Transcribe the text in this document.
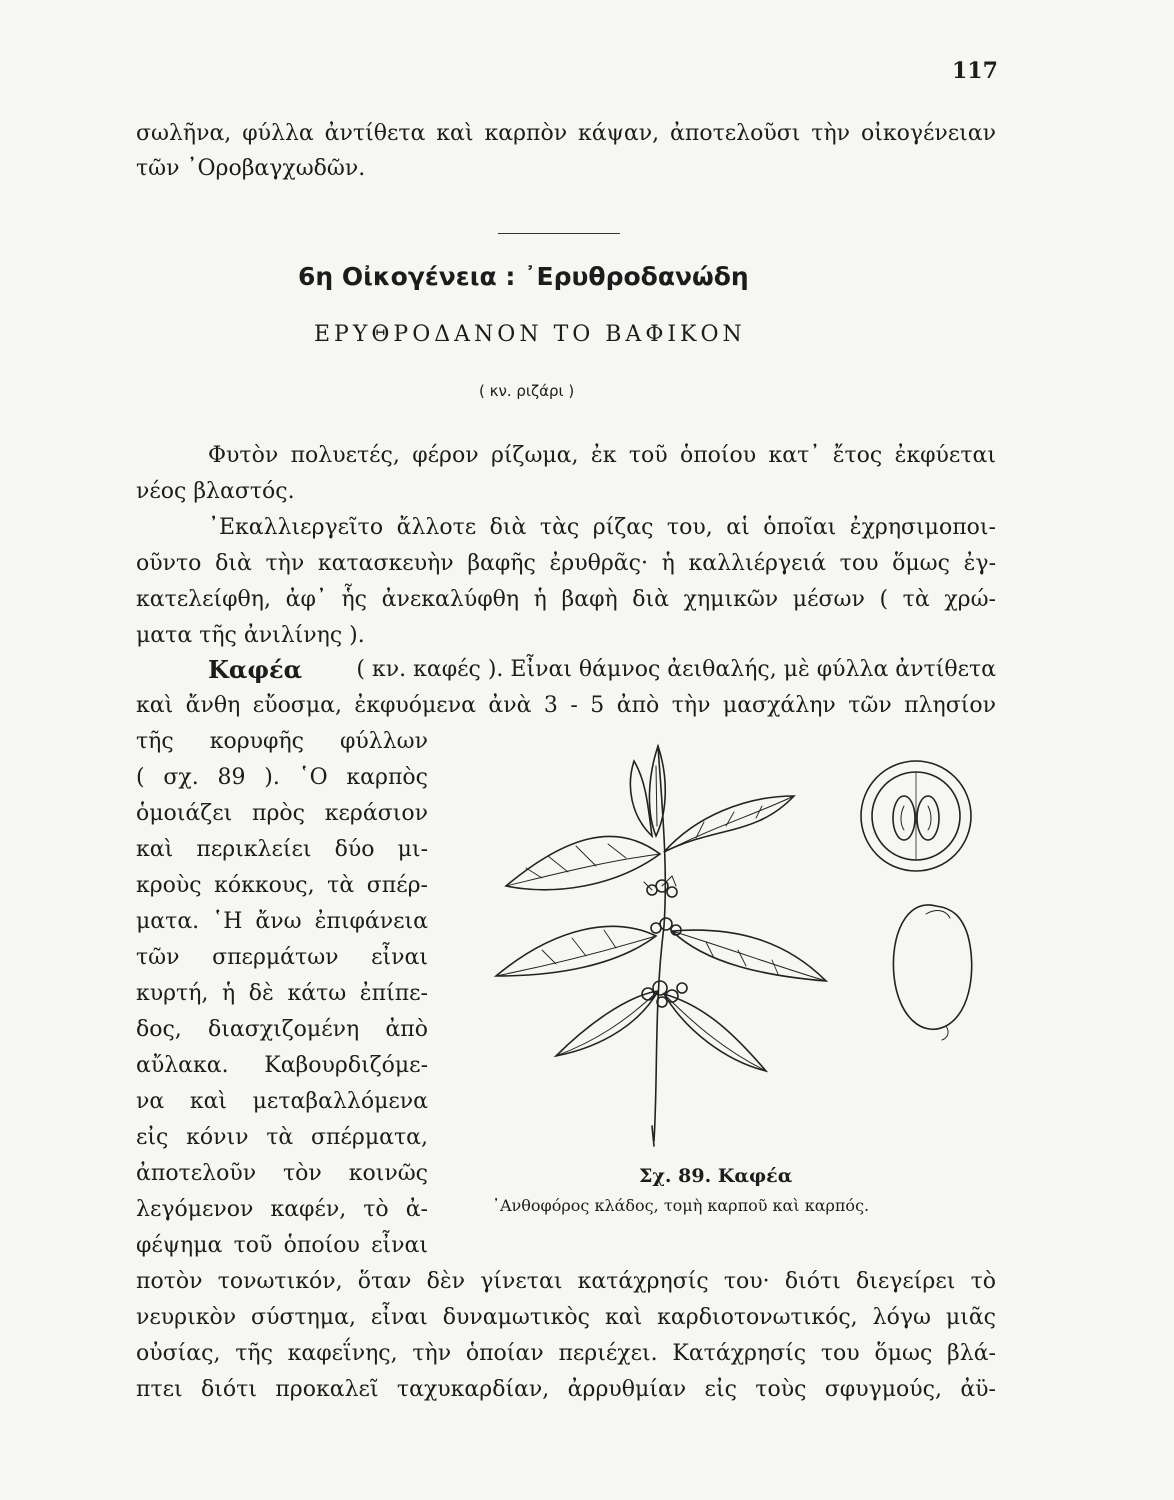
117
σωλῆνα, φύλλα ἀντίθετα καὶ καρπὸν κάψαν, ἀποτελοῦσι τὴν οἰκογένειαν
τῶν ᾿Οροβαγχωδῶν.
6η Οἰκογένεια : ᾿Ερυθροδανώδη
ΕΡΥΘΡΟΔΑΝΟΝ ΤΟ ΒΑΦΙΚΟΝ
( κν. ριζάρι )
Φυτὸν πολυετές, φέρον ρίζωμα, ἐκ τοῦ ὁποίου κατ᾿ ἔτος ἐκφύεται
νέος βλαστός.
᾿Εκαλλιεργεῖτο ἄλλοτε διὰ τὰς ρίζας του, αἱ ὁποῖαι ἐχρησιμοποι-
οῦντο διὰ τὴν κατασκευὴν βαφῆς ἐρυθρᾶς· ἡ καλλιέργειά του ὅμως ἐγ-
κατελείφθη, ἀφ᾿ ἧς ἀνεκαλύφθη ἡ βαφὴ διὰ χημικῶν μέσων ( τὰ χρώ-
ματα τῆς ἀνιλίνης ).
Καφέα ( κν. καφές ). Εἶναι θάμνος ἀειθαλής, μὲ φύλλα ἀντίθετα
καὶ ἄνθη εὔοσμα, ἐκφυόμενα ἀνὰ 3 - 5 ἀπὸ τὴν μασχάλην τῶν πλησίον
τῆς κορυφῆς φύλλων
( σχ. 89 ). ῾Ο καρπὸς
ὁμοιάζει πρὸς κεράσιον
καὶ περικλείει δύο μι-
κροὺς κόκκους, τὰ σπέρ-
ματα. ῾Η ἄνω ἐπιφάνεια
τῶν σπερμάτων εἶναι
κυρτή, ἡ δὲ κάτω ἐπίπε-
δος, διασχιζομένη ἀπὸ
αὔλακα. Καβουρδιζόμε-
να καὶ μεταβαλλόμενα
εἰς κόνιν τὰ σπέρματα,
ἀποτελοῦν τὸν κοινῶς
λεγόμενον καφέν, τὸ ἀ-
φέψημα τοῦ ὁποίου εἶναι
Σχ. 89. Καφέα
᾿Ανθοφόρος κλάδος, τομὴ καρποῦ καὶ καρπός.
ποτὸν τονωτικόν, ὅταν δὲν γίνεται κατάχρησίς του· διότι διεγείρει τὸ
νευρικὸν σύστημα, εἶναι δυναμωτικὸς καὶ καρδιοτονωτικός, λόγω μιᾶς
οὐσίας, τῆς καφεΐνης, τὴν ὁποίαν περιέχει. Κατάχρησίς του ὅμως βλά-
πτει διότι προκαλεῖ ταχυκαρδίαν, ἀρρυθμίαν εἰς τοὺς σφυγμούς, ἀϋ-
